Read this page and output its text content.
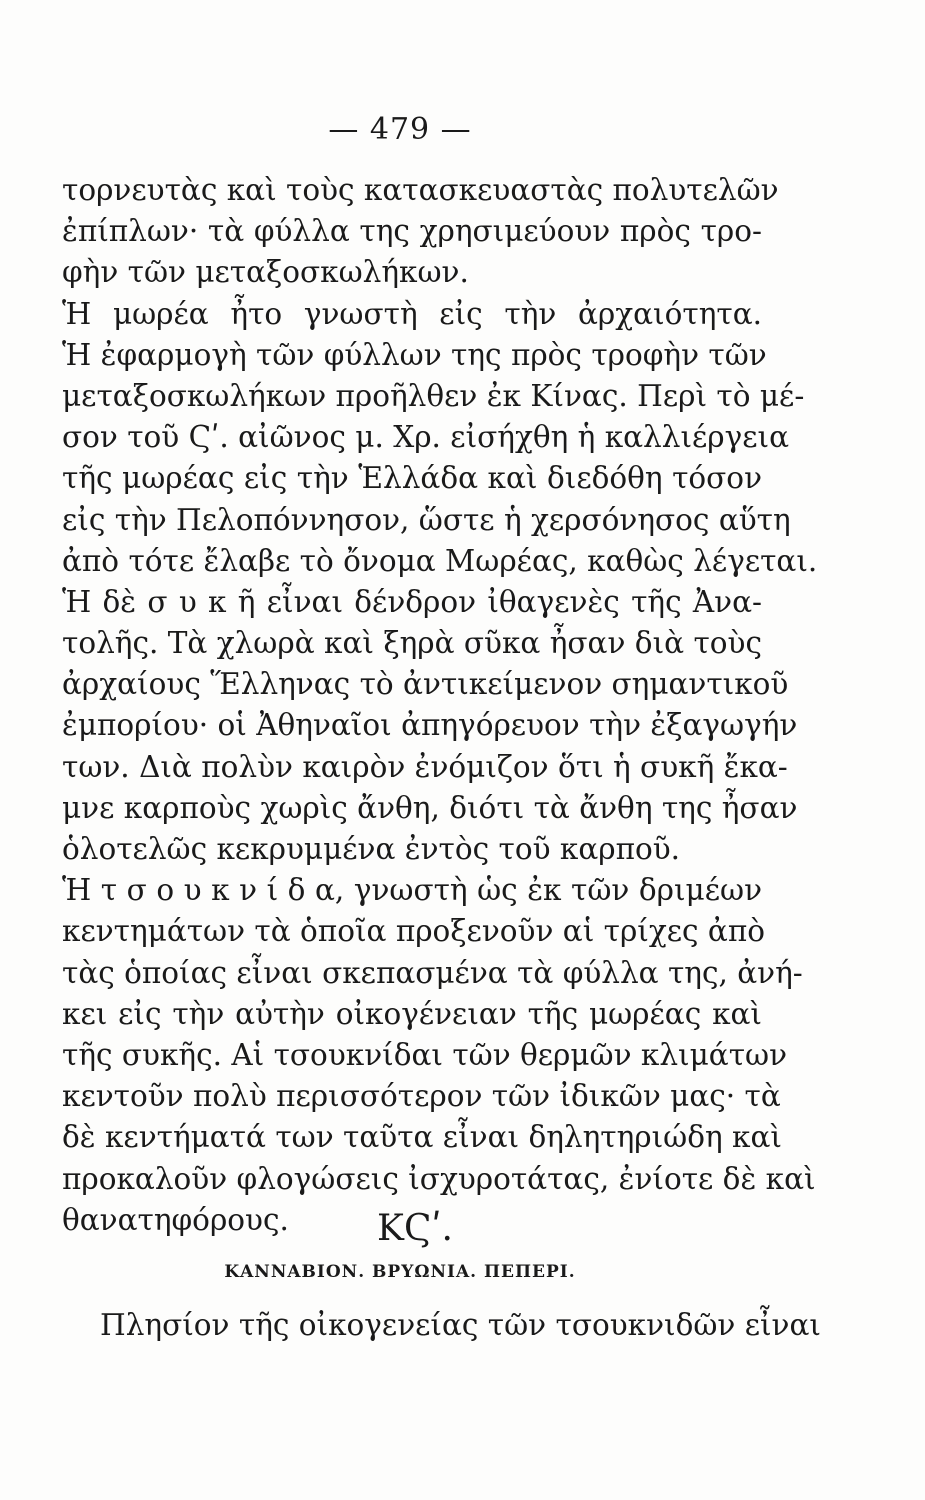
— 479 —
τορνευτὰς καὶ τοὺς κατασκευαστὰς πολυτελῶν
ἐπίπλων· τὰ φύλλα της χρησιμεύουν πρὸς τρο-
φὴν τῶν μεταξοσκωλήκων.
Ἡ μωρέα ἦτο γνωστὴ εἰς τὴν ἀρχαιότητα.
Ἡ ἐφαρμογὴ τῶν φύλλων της πρὸς τροφὴν τῶν
μεταξοσκωλήκων προῆλθεν ἐκ Κίνας. Περὶ τὸ μέ-
σον τοῦ Ϛʹ. αἰῶνος μ. Χρ. εἰσήχθη ἡ καλλιέργεια
τῆς μωρέας εἰς τὴν Ἑλλάδα καὶ διεδόθη τόσον
εἰς τὴν Πελοπόννησον, ὥστε ἡ χερσόνησος αὕτη
ἀπὸ τότε ἔλαβε τὸ ὄνομα Μωρέας, καθὼς λέγεται.
Ἡ δὲ σ υ κ ῆ εἶναι δένδρον ἰθαγενὲς τῆς Ἀνα-
τολῆς. Τὰ χλωρὰ καὶ ξηρὰ σῦκα ἦσαν διὰ τοὺς
ἀρχαίους Ἕλληνας τὸ ἀντικείμενον σημαντικοῦ
ἐμπορίου· οἱ Ἀθηναῖοι ἀπηγόρευον τὴν ἐξαγωγήν
των. Διὰ πολὺν καιρὸν ἐνόμιζον ὅτι ἡ συκῆ ἔκα-
μνε καρποὺς χωρὶς ἄνθη, διότι τὰ ἄνθη της ἦσαν
ὁλοτελῶς κεκρυμμένα ἐντὸς τοῦ καρποῦ.
Ἡ τ σ ο υ κ ν ί δ α, γνωστὴ ὡς ἐκ τῶν δριμέων
κεντημάτων τὰ ὁποῖα προξενοῦν αἱ τρίχες ἀπὸ
τὰς ὁποίας εἶναι σκεπασμένα τὰ φύλλα της, ἀνή-
κει εἰς τὴν αὐτὴν οἰκογένειαν τῆς μωρέας καὶ
τῆς συκῆς. Αἱ τσουκνίδαι τῶν θερμῶν κλιμάτων
κεντοῦν πολὺ περισσότερον τῶν ἰδικῶν μας· τὰ
δὲ κεντήματά των ταῦτα εἶναι δηλητηριώδη καὶ
προκαλοῦν φλογώσεις ἰσχυροτάτας, ἐνίοτε δὲ καὶ
θανατηφόρους.	ΚϚʹ.
ΚΑΝΝΑΒΙΟΝ. ΒΡΥΩΝΙΑ. ΠΕΠΕΡΙ.
Πλησίον τῆς οἰκογενείας τῶν τσουκνιδῶν εἶναι
